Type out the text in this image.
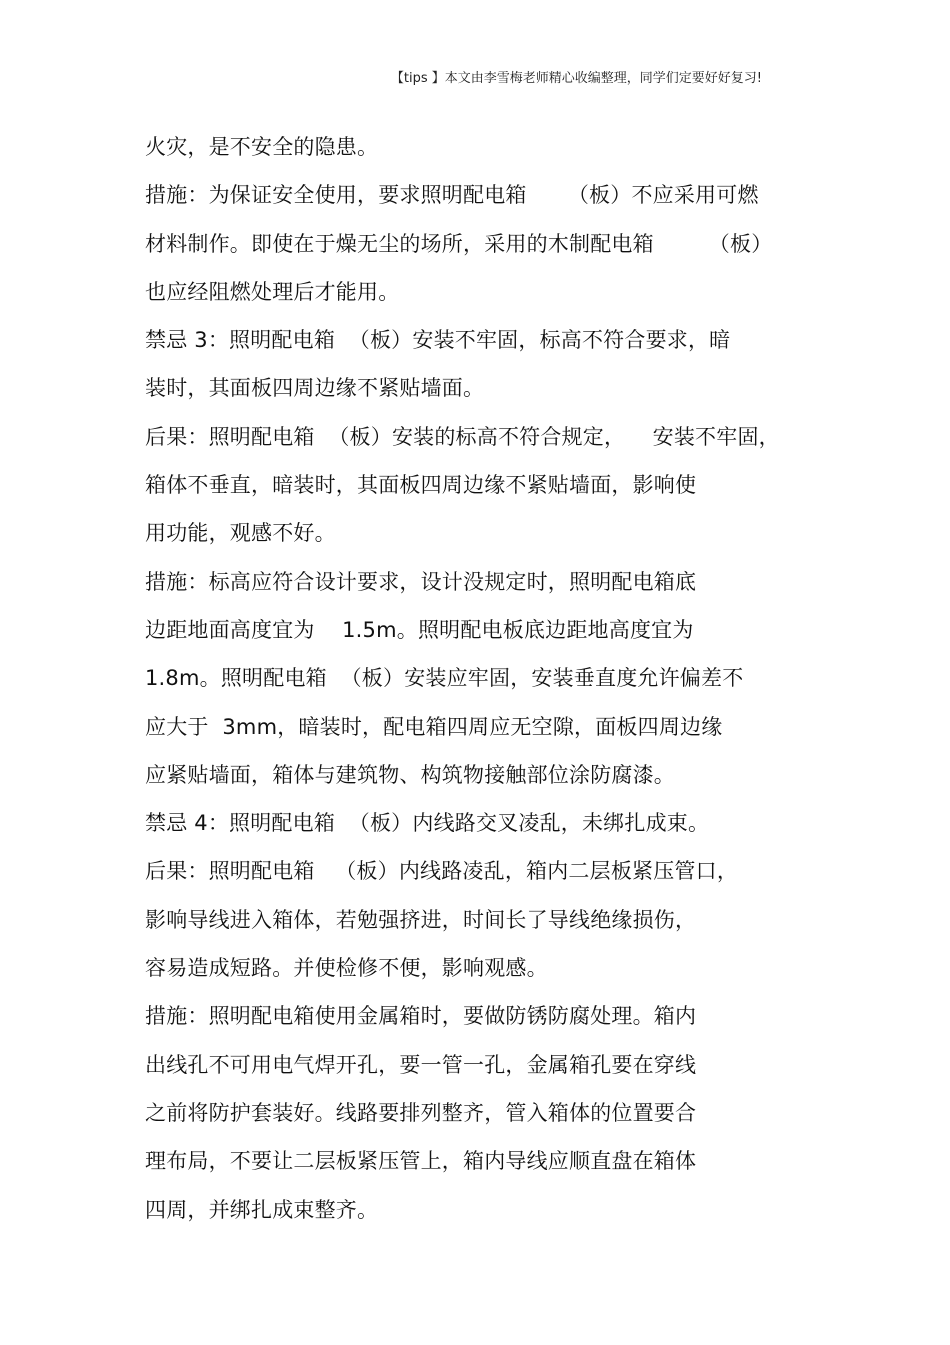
【tips 】本文由李雪梅老师精心收编整理，同学们定要好好复习!
火灾，是不安全的隐患。
措施：为保证安全使用，要求照明配电箱      （板）不应采用可燃
材料制作。即使在于燥无尘的场所，采用的木制配电箱        （板）
也应经阻燃处理后才能用。
禁忌 3：照明配电箱  （板）安装不牢固，标高不符合要求，暗
装时，其面板四周边缘不紧贴墙面。
后果：照明配电箱  （板）安装的标高不符合规定，    安装不牢固，
箱体不垂直，暗装时，其面板四周边缘不紧贴墙面，影响使
用功能，观感不好。
措施：标高应符合设计要求，设计没规定时，照明配电箱底
边距地面高度宜为    1.5m。照明配电板底边距地高度宜为
1.8m。照明配电箱  （板）安装应牢固，安装垂直度允许偏差不
应大于  3mm，暗装时，配电箱四周应无空隙，面板四周边缘
应紧贴墙面，箱体与建筑物、构筑物接触部位涂防腐漆。
禁忌 4：照明配电箱  （板）内线路交叉凌乱，未绑扎成束。
后果：照明配电箱   （板）内线路凌乱，箱内二层板紧压管口，
影响导线进入箱体，若勉强挤进，时间长了导线绝缘损伤，
容易造成短路。并使检修不便，影响观感。
措施：照明配电箱使用金属箱时，要做防锈防腐处理。箱内
出线孔不可用电气焊开孔，要一管一孔，金属箱孔要在穿线
之前将防护套装好。线路要排列整齐，管入箱体的位置要合
理布局，不要让二层板紧压管上，箱内导线应顺直盘在箱体
四周，并绑扎成束整齐。
